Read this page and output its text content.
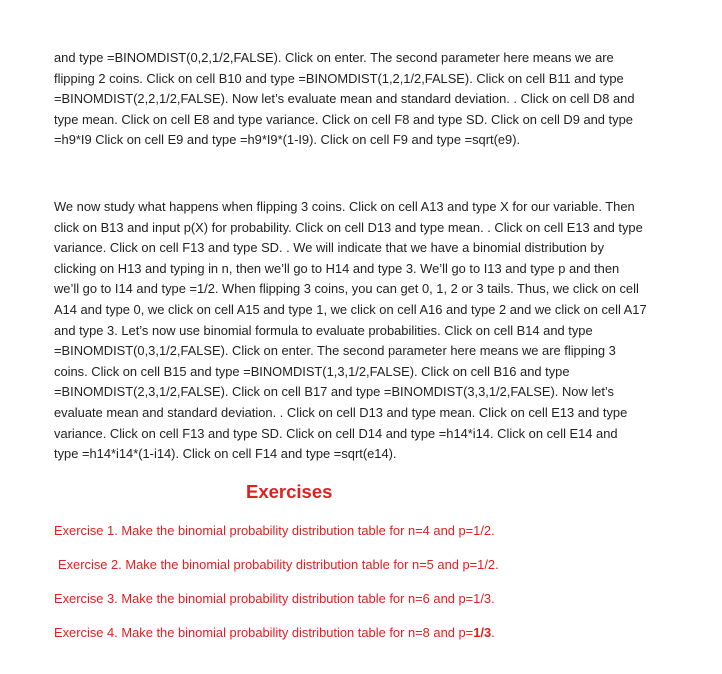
and type =BINOMDIST(0,2,1/2,FALSE). Click on enter. The second parameter here means we are
flipping 2 coins. Click on cell B10 and type =BINOMDIST(1,2,1/2,FALSE). Click on cell B11 and type
=BINOMDIST(2,2,1/2,FALSE). Now let’s evaluate mean and standard deviation. . Click on cell D8 and
type mean. Click on cell E8 and type variance. Click on cell F8 and type SD. Click on cell D9 and type
=h9*I9 Click on cell E9 and type =h9*I9*(1-I9). Click on cell F9 and type =sqrt(e9).

We now study what happens when flipping 3 coins. Click on cell A13 and type X for our variable. Then
click on B13 and input p(X) for probability. Click on cell D13 and type mean. . Click on cell E13 and type
variance. Click on cell F13 and type SD. . We will indicate that we have a binomial distribution by
clicking on H13 and typing in n, then we’ll go to H14 and type 3. We’ll go to I13 and type p and then
we’ll go to I14 and type =1/2. When flipping 3 coins, you can get 0, 1, 2 or 3 tails. Thus, we click on cell
A14 and type 0, we click on cell A15 and type 1, we click on cell A16 and type 2 and we click on cell A17
and type 3. Let’s now use binomial formula to evaluate probabilities. Click on cell B14 and type
=BINOMDIST(0,3,1/2,FALSE). Click on enter. The second parameter here means we are flipping 3
coins. Click on cell B15 and type =BINOMDIST(1,3,1/2,FALSE). Click on cell B16 and type
=BINOMDIST(2,3,1/2,FALSE). Click on cell B17 and type =BINOMDIST(3,3,1/2,FALSE). Now let’s
evaluate mean and standard deviation. . Click on cell D13 and type mean. Click on cell E13 and type
variance. Click on cell F13 and type SD. Click on cell D14 and type =h14*i14. Click on cell E14 and
type =h14*i14*(1-i14). Click on cell F14 and type =sqrt(e14).

Exercises

Exercise 1. Make the binomial probability distribution table for n=4 and p=1/2.

Exercise 2. Make the binomial probability distribution table for n=5 and p=1/2.

Exercise 3. Make the binomial probability distribution table for n=6 and p=1/3.

Exercise 4. Make the binomial probability distribution table for n=8 and p=1/3.
